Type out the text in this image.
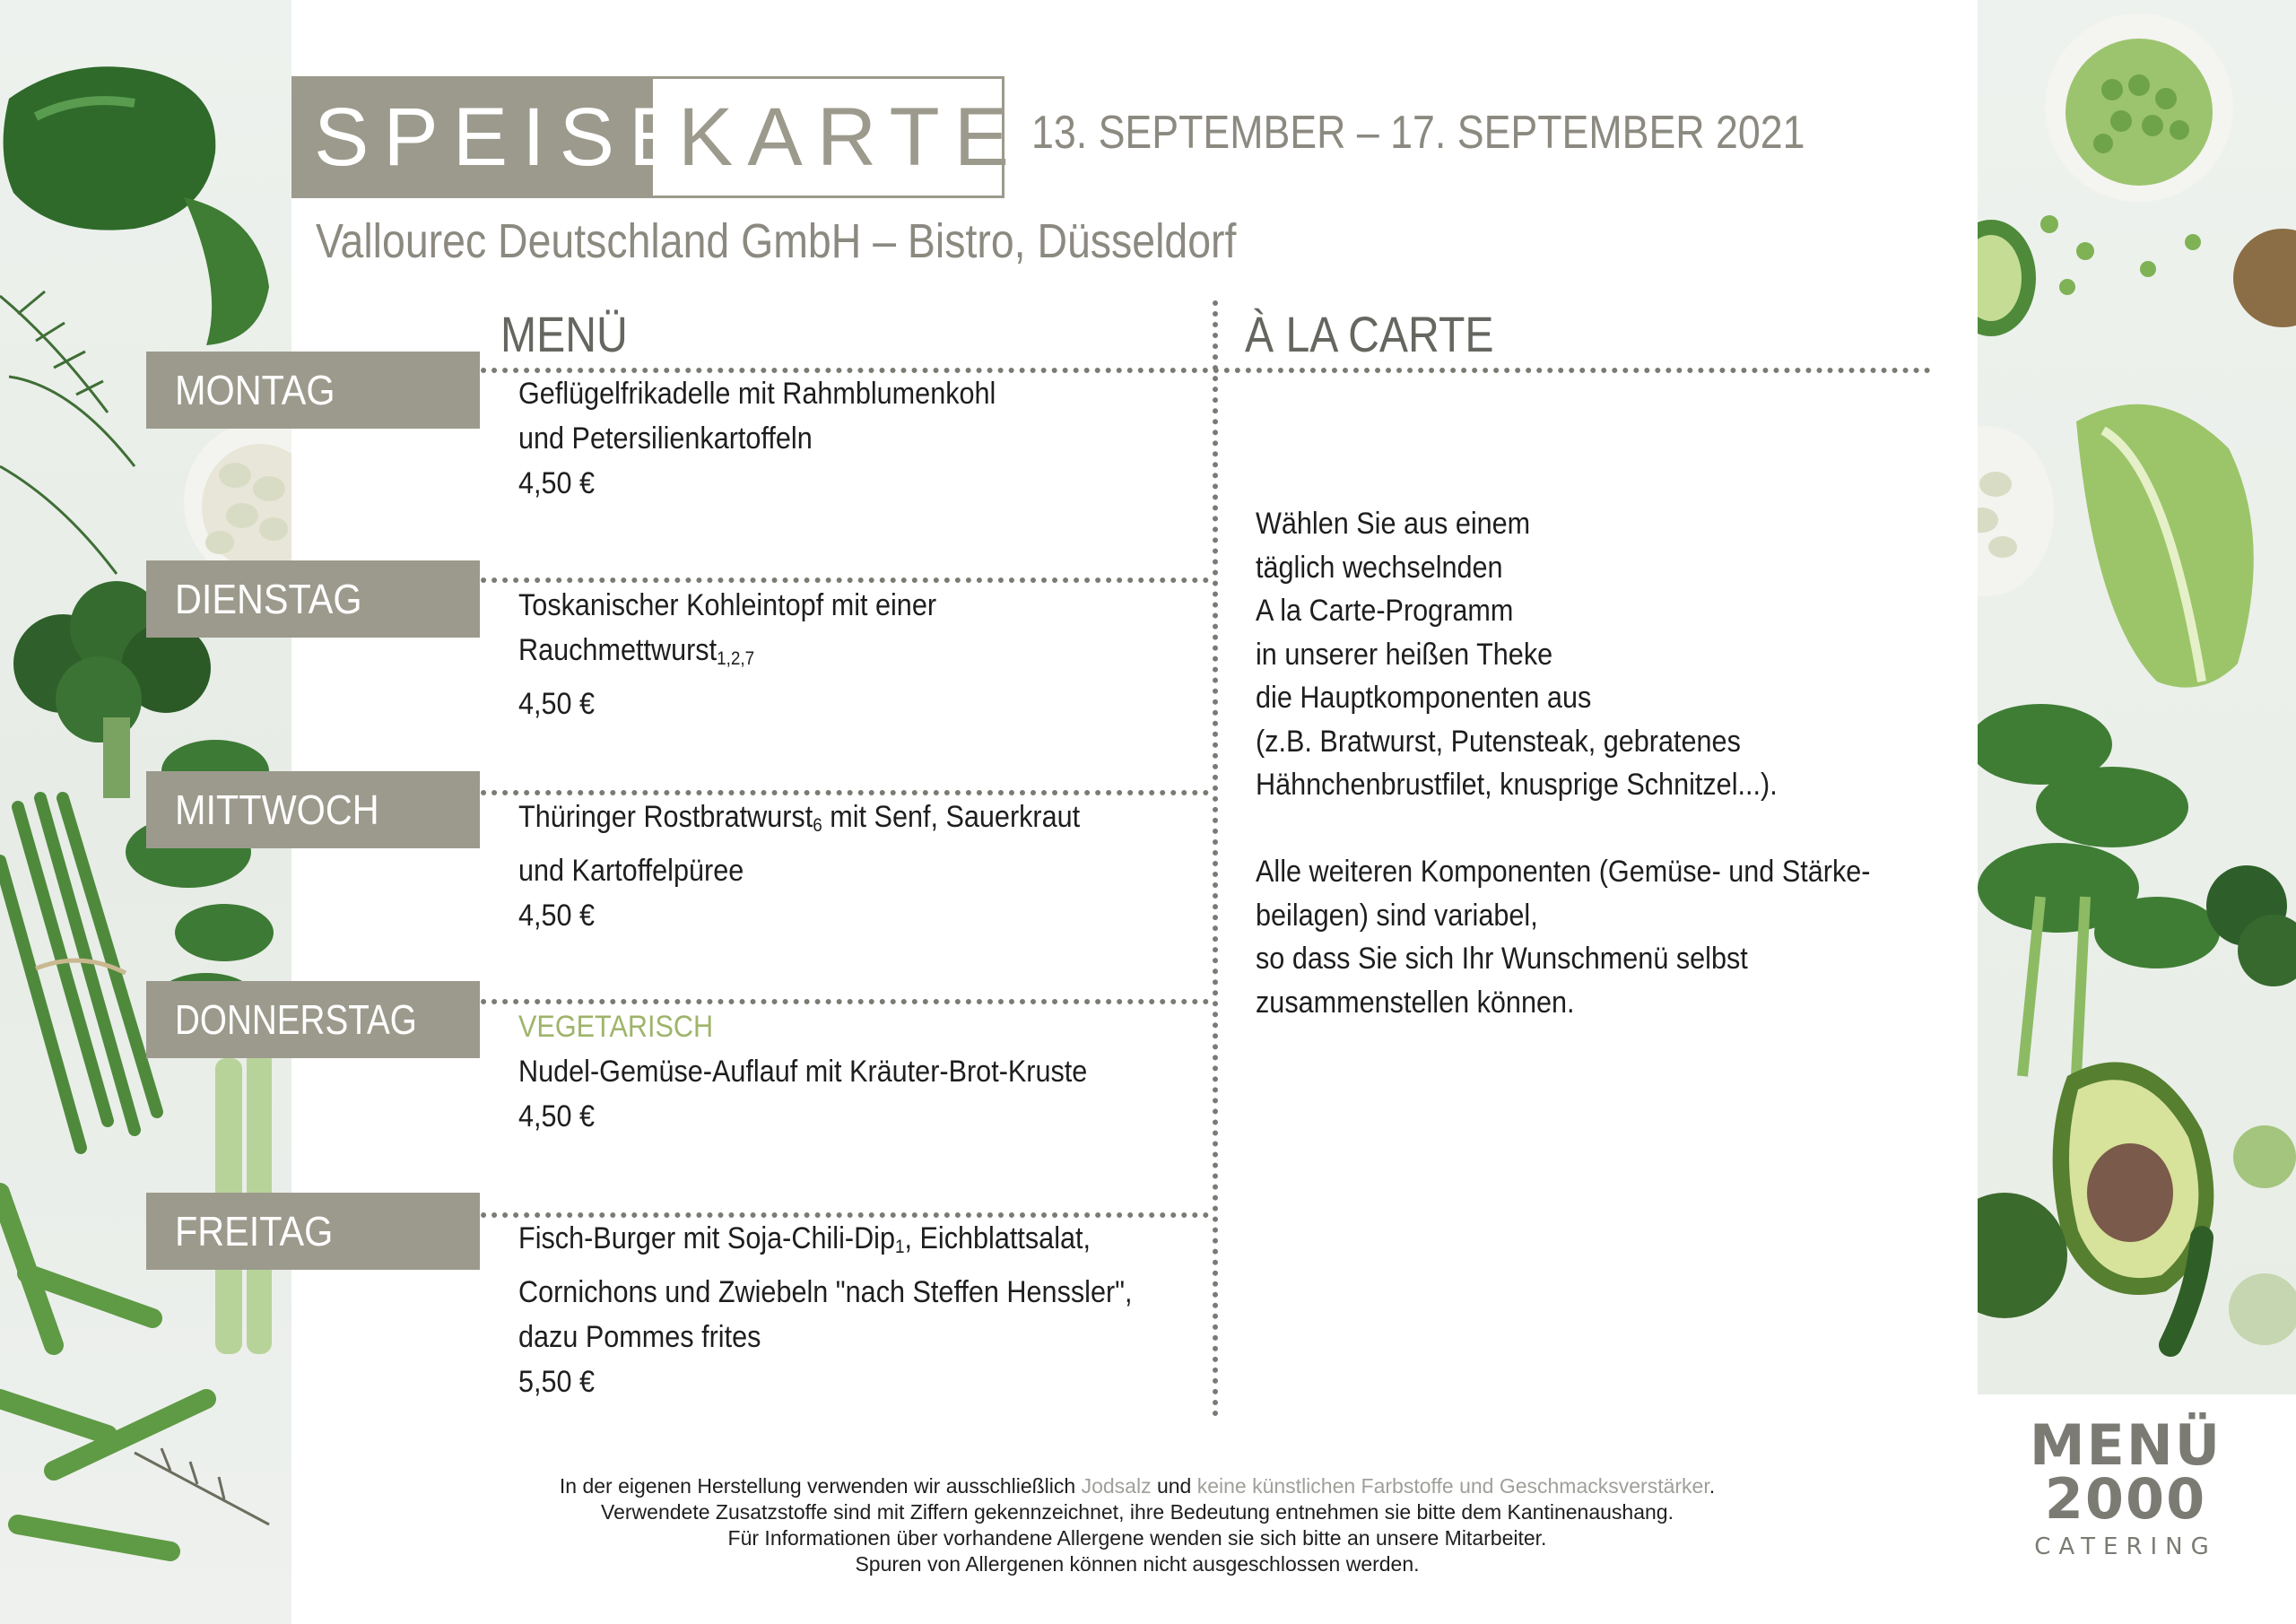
SPEISE
KARTE 13. SEPTEMBER – 17. SEPTEMBER 2021
Vallourec Deutschland GmbH – Bistro, Düsseldorf
MENÜ	À LA CARTE
MONTAG
DIENSTAG
MITTWOCH
DONNERSTAG
FREITAG
Geflügelfrikadelle mit Rahmblumenkohl
und Petersilienkartoffeln
4,50 €
Toskanischer Kohleintopf mit einer
Rauchmettwurst$_{1,2,7}$
4,50 €
Thüringer Rostbratwurst$_6$ mit Senf, Sauerkraut
und Kartoffelpüree
4,50 €
VEGETARISCH
Nudel-Gemüse-Auflauf mit Kräuter-Brot-Kruste
4,50 €
Fisch-Burger mit Soja-Chili-Dip$_1$, Eichblattsalat,
Cornichons und Zwiebeln "nach Steffen Henssler",
dazu Pommes frites
5,50 €
Wählen Sie aus einem
täglich wechselnden
A la Carte-Programm
in unserer heißen Theke
die Hauptkomponenten aus
(z.B. Bratwurst, Putensteak, gebratenes
Hähnchenbrustfilet, knusprige Schnitzel...).
Alle weiteren Komponenten (Gemüse- und Stärke-
beilagen) sind variabel,
so dass Sie sich Ihr Wunschmenü selbst
zusammenstellen können.
In der eigenen Herstellung verwenden wir ausschließlich Jodsalz und keine künstlichen Farbstoffe und Geschmacksverstärker.
Verwendete Zusatzstoffe sind mit Ziffern gekennzeichnet, ihre Bedeutung entnehmen sie bitte dem Kantinenaushang.
Für Informationen über vorhandene Allergene wenden sie sich bitte an unsere Mitarbeiter.
Spuren von Allergenen können nicht ausgeschlossen werden.
MENÜ
2000
CATERING
